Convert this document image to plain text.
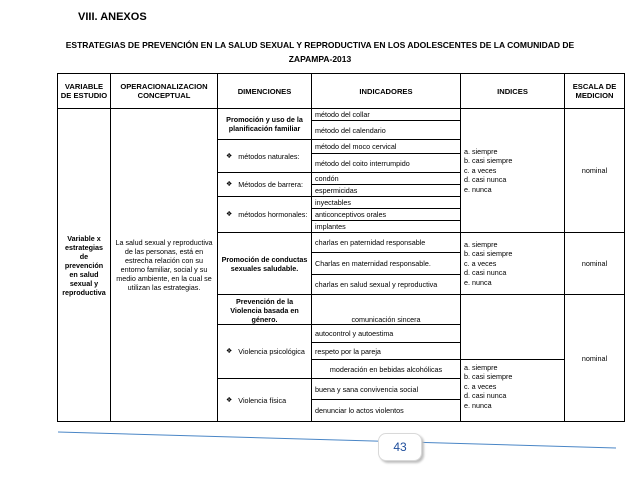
VIII. ANEXOS
ESTRATEGIAS DE PREVENCIÓN EN LA SALUD SEXUAL Y REPRODUCTIVA EN LOS ADOLESCENTES DE LA COMUNIDAD DE
ZAPAMPA-2013
VARIABLE DE ESTUDIO	OPERACIONALIZACION CONCEPTUAL	DIMENCIONES	INDICADORES	INDICES	ESCALA DE MEDICION
Variable x estrategias de prevención en salud sexual y reproductiva	La salud sexual y reproductiva de las personas, está en estrecha relación con su entorno familiar, social y su medio ambiente, en la cual se utilizan las estrategias.	Promoción y uso de la planificación familiar	método del collar	a. siempre
b. casi siempre
c. a veces
d. casi nunca
e. nunca	nominal
			método del calendario		

		❖ métodos naturales:	método del moco cervical		
			método del coito interrumpido		

		❖ Métodos de barrera:	condón		
			espermicidas		

		❖ métodos hormonales:	inyectables		
			anticonceptivos orales		
			implantes		
		Promoción de conductas sexuales saludable.	charlas en paternidad responsable	a. siempre
b. casi siempre
c. a veces
d. casi nunca
e. nunca	nominal
			Charlas en maternidad responsable.		
			charlas en salud sexual y reproductiva		
		Prevención de la Violencia basada en género.	comunicación sincera	a. siempre
b. casi siempre
c. a veces
d. casi nunca
e. nunca	nominal

		❖ Violencia psicológica	autocontrol y autoestima		
			respeto por la pareja		
			moderación en bebidas alcohólicas		

		❖ Violencia física	buena y sana convivencia social		
			denunciar lo actos violentos		
43
